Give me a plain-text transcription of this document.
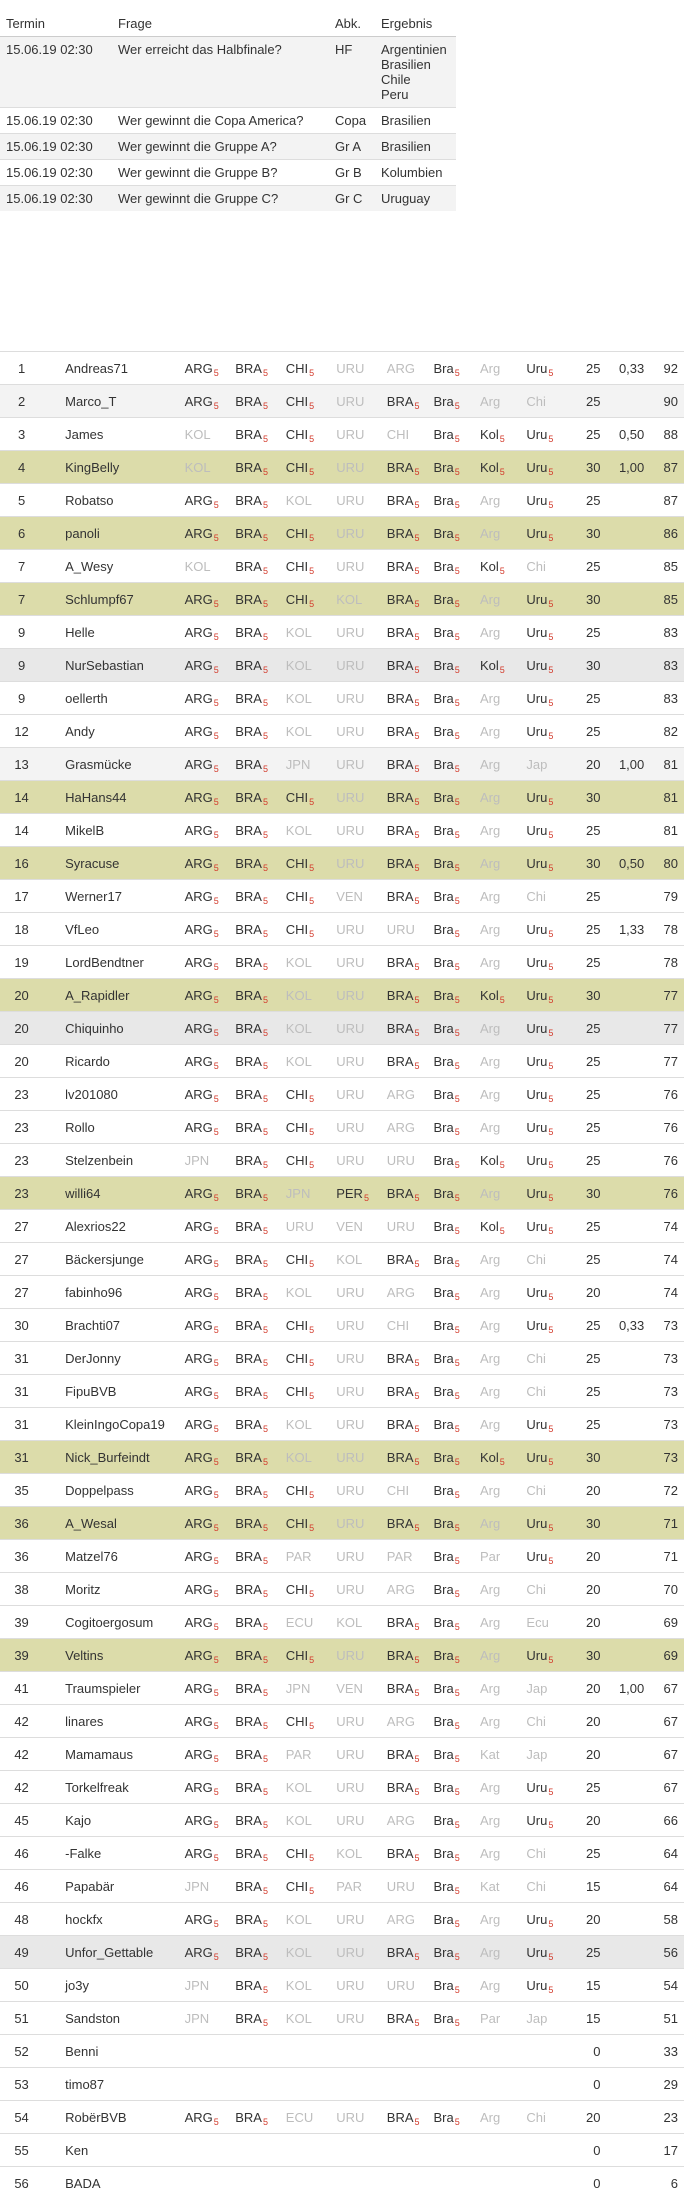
Termin	Frage	Abk.	Ergebnis
15.06.19 02:30	Wer erreicht das Halbfinale?	HF	Argentinien
Brasilien
Chile
Peru

15.06.19 02:30	Wer gewinnt die Copa America?	Copa	Brasilien

15.06.19 02:30	Wer gewinnt die Gruppe A?	Gr A	Brasilien

15.06.19 02:30	Wer gewinnt die Gruppe B?	Gr B	Kolumbien

15.06.19 02:30	Wer gewinnt die Gruppe C?	Gr C	Uruguay
1	Andreas71	$ARG_5$	$BRA_5$	$CHI_5$	URU	ARG	Bra$_5$	Arg	Uru$_5$	25	0,33	92
2	Marco_T	$ARG_5$	$BRA_5$	$CHI_5$	URU	$BRA_5$	Bra$_5$	Arg	Chi	25		90
3	James	KOL	$BRA_5$	$CHI_5$	URU	CHI	Bra$_5$	Kol$_5$	Uru$_5$	25	0,50	88
4	KingBelly	KOL	$BRA_5$	$CHI_5$	URU	$BRA_5$	Bra$_5$	Kol$_5$	Uru$_5$	30	1,00	87
5	Robatso	$ARG_5$	$BRA_5$	KOL	URU	$BRA_5$	Bra$_5$	Arg	Uru$_5$	25		87
6	panoli	$ARG_5$	$BRA_5$	$CHI_5$	URU	$BRA_5$	Bra$_5$	Arg	Uru$_5$	30		86
7	A_Wesy	KOL	$BRA_5$	$CHI_5$	URU	$BRA_5$	Bra$_5$	Kol$_5$	Chi	25		85
7	Schlumpf67	$ARG_5$	$BRA_5$	$CHI_5$	KOL	$BRA_5$	Bra$_5$	Arg	Uru$_5$	30		85
9	Helle	$ARG_5$	$BRA_5$	KOL	URU	$BRA_5$	Bra$_5$	Arg	Uru$_5$	25		83
9	NurSebastian	$ARG_5$	$BRA_5$	KOL	URU	$BRA_5$	Bra$_5$	Kol$_5$	Uru$_5$	30		83
9	oellerth	$ARG_5$	$BRA_5$	KOL	URU	$BRA_5$	Bra$_5$	Arg	Uru$_5$	25		83
12	Andy	$ARG_5$	$BRA_5$	KOL	URU	$BRA_5$	Bra$_5$	Arg	Uru$_5$	25		82
13	Grasmücke	$ARG_5$	$BRA_5$	JPN	URU	$BRA_5$	Bra$_5$	Arg	Jap	20	1,00	81
14	HaHans44	$ARG_5$	$BRA_5$	$CHI_5$	URU	$BRA_5$	Bra$_5$	Arg	Uru$_5$	30		81
14	MikelB	$ARG_5$	$BRA_5$	KOL	URU	$BRA_5$	Bra$_5$	Arg	Uru$_5$	25		81
16	Syracuse	$ARG_5$	$BRA_5$	$CHI_5$	URU	$BRA_5$	Bra$_5$	Arg	Uru$_5$	30	0,50	80
17	Werner17	$ARG_5$	$BRA_5$	$CHI_5$	VEN	$BRA_5$	Bra$_5$	Arg	Chi	25		79
18	VfLeo	$ARG_5$	$BRA_5$	$CHI_5$	URU	URU	Bra$_5$	Arg	Uru$_5$	25	1,33	78
19	LordBendtner	$ARG_5$	$BRA_5$	KOL	URU	$BRA_5$	Bra$_5$	Arg	Uru$_5$	25		78
20	A_Rapidler	$ARG_5$	$BRA_5$	KOL	URU	$BRA_5$	Bra$_5$	Kol$_5$	Uru$_5$	30		77
20	Chiquinho	$ARG_5$	$BRA_5$	KOL	URU	$BRA_5$	Bra$_5$	Arg	Uru$_5$	25		77
20	Ricardo	$ARG_5$	$BRA_5$	KOL	URU	$BRA_5$	Bra$_5$	Arg	Uru$_5$	25		77
23	lv201080	$ARG_5$	$BRA_5$	$CHI_5$	URU	ARG	Bra$_5$	Arg	Uru$_5$	25		76
23	Rollo	$ARG_5$	$BRA_5$	$CHI_5$	URU	ARG	Bra$_5$	Arg	Uru$_5$	25		76
23	Stelzenbein	JPN	$BRA_5$	$CHI_5$	URU	URU	Bra$_5$	Kol$_5$	Uru$_5$	25		76
23	willi64	$ARG_5$	$BRA_5$	JPN	$PER_5$	$BRA_5$	Bra$_5$	Arg	Uru$_5$	30		76
27	Alexrios22	$ARG_5$	$BRA_5$	URU	VEN	URU	Bra$_5$	Kol$_5$	Uru$_5$	25		74
27	Bäckersjunge	$ARG_5$	$BRA_5$	$CHI_5$	KOL	$BRA_5$	Bra$_5$	Arg	Chi	25		74
27	fabinho96	$ARG_5$	$BRA_5$	KOL	URU	ARG	Bra$_5$	Arg	Uru$_5$	20		74
30	Brachti07	$ARG_5$	$BRA_5$	$CHI_5$	URU	CHI	Bra$_5$	Arg	Uru$_5$	25	0,33	73
31	DerJonny	$ARG_5$	$BRA_5$	$CHI_5$	URU	$BRA_5$	Bra$_5$	Arg	Chi	25		73
31	FipuBVB	$ARG_5$	$BRA_5$	$CHI_5$	URU	$BRA_5$	Bra$_5$	Arg	Chi	25		73
31	KleinIngoCopa19	$ARG_5$	$BRA_5$	KOL	URU	$BRA_5$	Bra$_5$	Arg	Uru$_5$	25		73
31	Nick_Burfeindt	$ARG_5$	$BRA_5$	KOL	URU	$BRA_5$	Bra$_5$	Kol$_5$	Uru$_5$	30		73
35	Doppelpass	$ARG_5$	$BRA_5$	$CHI_5$	URU	CHI	Bra$_5$	Arg	Chi	20		72
36	A_Wesal	$ARG_5$	$BRA_5$	$CHI_5$	URU	$BRA_5$	Bra$_5$	Arg	Uru$_5$	30		71
36	Matzel76	$ARG_5$	$BRA_5$	PAR	URU	PAR	Bra$_5$	Par	Uru$_5$	20		71
38	Moritz	$ARG_5$	$BRA_5$	$CHI_5$	URU	ARG	Bra$_5$	Arg	Chi	20		70
39	Cogitoergosum	$ARG_5$	$BRA_5$	ECU	KOL	$BRA_5$	Bra$_5$	Arg	Ecu	20		69
39	Veltins	$ARG_5$	$BRA_5$	$CHI_5$	URU	$BRA_5$	Bra$_5$	Arg	Uru$_5$	30		69
41	Traumspieler	$ARG_5$	$BRA_5$	JPN	VEN	$BRA_5$	Bra$_5$	Arg	Jap	20	1,00	67
42	linares	$ARG_5$	$BRA_5$	$CHI_5$	URU	ARG	Bra$_5$	Arg	Chi	20		67
42	Mamamaus	$ARG_5$	$BRA_5$	PAR	URU	$BRA_5$	Bra$_5$	Kat	Jap	20		67
42	Torkelfreak	$ARG_5$	$BRA_5$	KOL	URU	$BRA_5$	Bra$_5$	Arg	Uru$_5$	25		67
45	Kajo	$ARG_5$	$BRA_5$	KOL	URU	ARG	Bra$_5$	Arg	Uru$_5$	20		66
46	-Falke	$ARG_5$	$BRA_5$	$CHI_5$	KOL	$BRA_5$	Bra$_5$	Arg	Chi	25		64
46	Papabär	JPN	$BRA_5$	$CHI_5$	PAR	URU	Bra$_5$	Kat	Chi	15		64
48	hockfx	$ARG_5$	$BRA_5$	KOL	URU	ARG	Bra$_5$	Arg	Uru$_5$	20		58
49	Unfor_Gettable	$ARG_5$	$BRA_5$	KOL	URU	$BRA_5$	Bra$_5$	Arg	Uru$_5$	25		56
50	jo3y	JPN	$BRA_5$	KOL	URU	URU	Bra$_5$	Arg	Uru$_5$	15		54
51	Sandston	JPN	$BRA_5$	KOL	URU	$BRA_5$	Bra$_5$	Par	Jap	15		51
52	Benni									0		33
53	timo87									0		29
54	RobërBVB	$ARG_5$	$BRA_5$	ECU	URU	$BRA_5$	Bra$_5$	Arg	Chi	20		23
55	Ken									0		17
56	BADA									0		6
